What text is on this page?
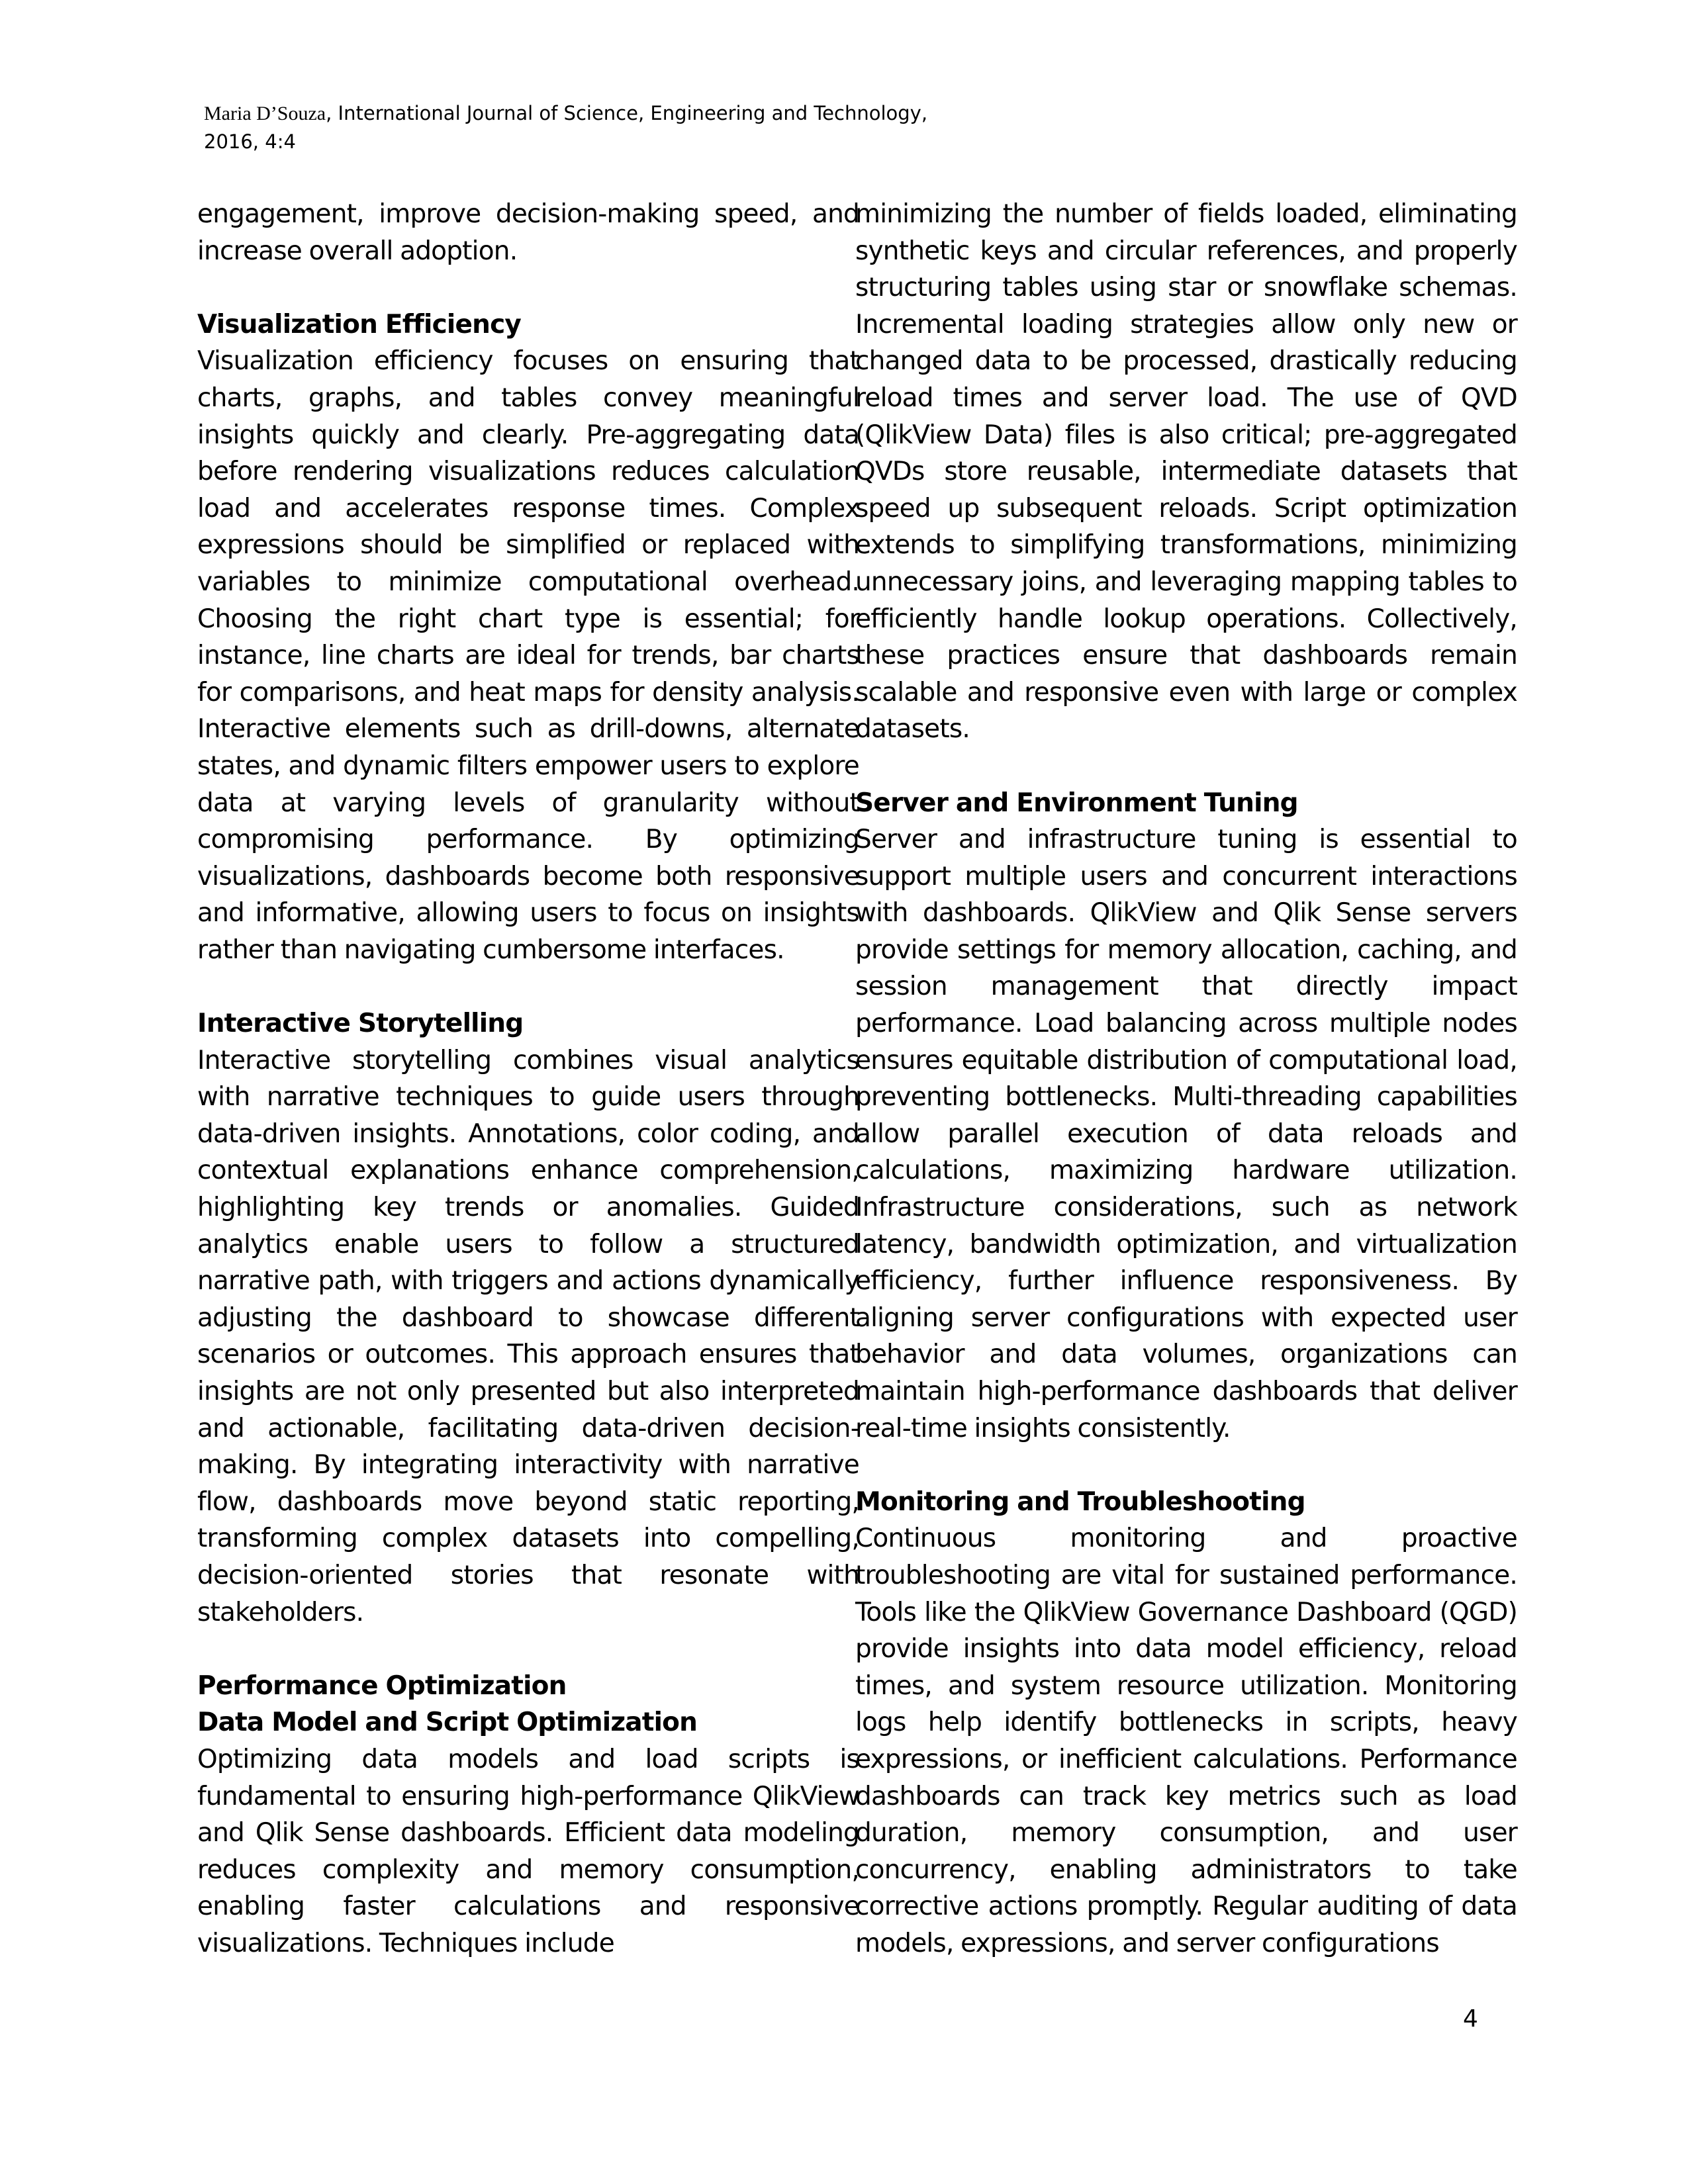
Maria D’Souza, International Journal of Science, Engineering and Technology,
2016, 4:4

engagement, improve decision-making speed, and increase overall adoption.

Visualization Efficiency

Visualization efficiency focuses on ensuring that charts, graphs, and tables convey meaningful insights quickly and clearly. Pre-aggregating data before rendering visualizations reduces calculation load and accelerates response times. Complex expressions should be simplified or replaced with variables to minimize computational overhead. Choosing the right chart type is essential; for instance, line charts are ideal for trends, bar charts for comparisons, and heat maps for density analysis. Interactive elements such as drill-downs, alternate states, and dynamic filters empower users to explore data at varying levels of granularity without compromising performance. By optimizing visualizations, dashboards become both responsive and informative, allowing users to focus on insights rather than navigating cumbersome interfaces.

Interactive Storytelling

Interactive storytelling combines visual analytics with narrative techniques to guide users through data-driven insights. Annotations, color coding, and contextual explanations enhance comprehension, highlighting key trends or anomalies. Guided analytics enable users to follow a structured narrative path, with triggers and actions dynamically adjusting the dashboard to showcase different scenarios or outcomes. This approach ensures that insights are not only presented but also interpreted and actionable, facilitating data-driven decision-making. By integrating interactivity with narrative flow, dashboards move beyond static reporting, transforming complex datasets into compelling, decision-oriented stories that resonate with stakeholders.

Performance Optimization
Data Model and Script Optimization

Optimizing data models and load scripts is fundamental to ensuring high-performance QlikView and Qlik Sense dashboards. Efficient data modeling reduces complexity and memory consumption, enabling faster calculations and responsive visualizations. Techniques include

minimizing the number of fields loaded, eliminating synthetic keys and circular references, and properly structuring tables using star or snowflake schemas. Incremental loading strategies allow only new or changed data to be processed, drastically reducing reload times and server load. The use of QVD (QlikView Data) files is also critical; pre-aggregated QVDs store reusable, intermediate datasets that speed up subsequent reloads. Script optimization extends to simplifying transformations, minimizing unnecessary joins, and leveraging mapping tables to efficiently handle lookup operations. Collectively, these practices ensure that dashboards remain scalable and responsive even with large or complex datasets.

Server and Environment Tuning

Server and infrastructure tuning is essential to support multiple users and concurrent interactions with dashboards. QlikView and Qlik Sense servers provide settings for memory allocation, caching, and session management that directly impact performance. Load balancing across multiple nodes ensures equitable distribution of computational load, preventing bottlenecks. Multi-threading capabilities allow parallel execution of data reloads and calculations, maximizing hardware utilization. Infrastructure considerations, such as network latency, bandwidth optimization, and virtualization efficiency, further influence responsiveness. By aligning server configurations with expected user behavior and data volumes, organizations can maintain high-performance dashboards that deliver real-time insights consistently.

Monitoring and Troubleshooting

Continuous monitoring and proactive troubleshooting are vital for sustained performance. Tools like the QlikView Governance Dashboard (QGD) provide insights into data model efficiency, reload times, and system resource utilization. Monitoring logs help identify bottlenecks in scripts, heavy expressions, or inefficient calculations. Performance dashboards can track key metrics such as load duration, memory consumption, and user concurrency, enabling administrators to take corrective actions promptly. Regular auditing of data models, expressions, and server configurations

4
